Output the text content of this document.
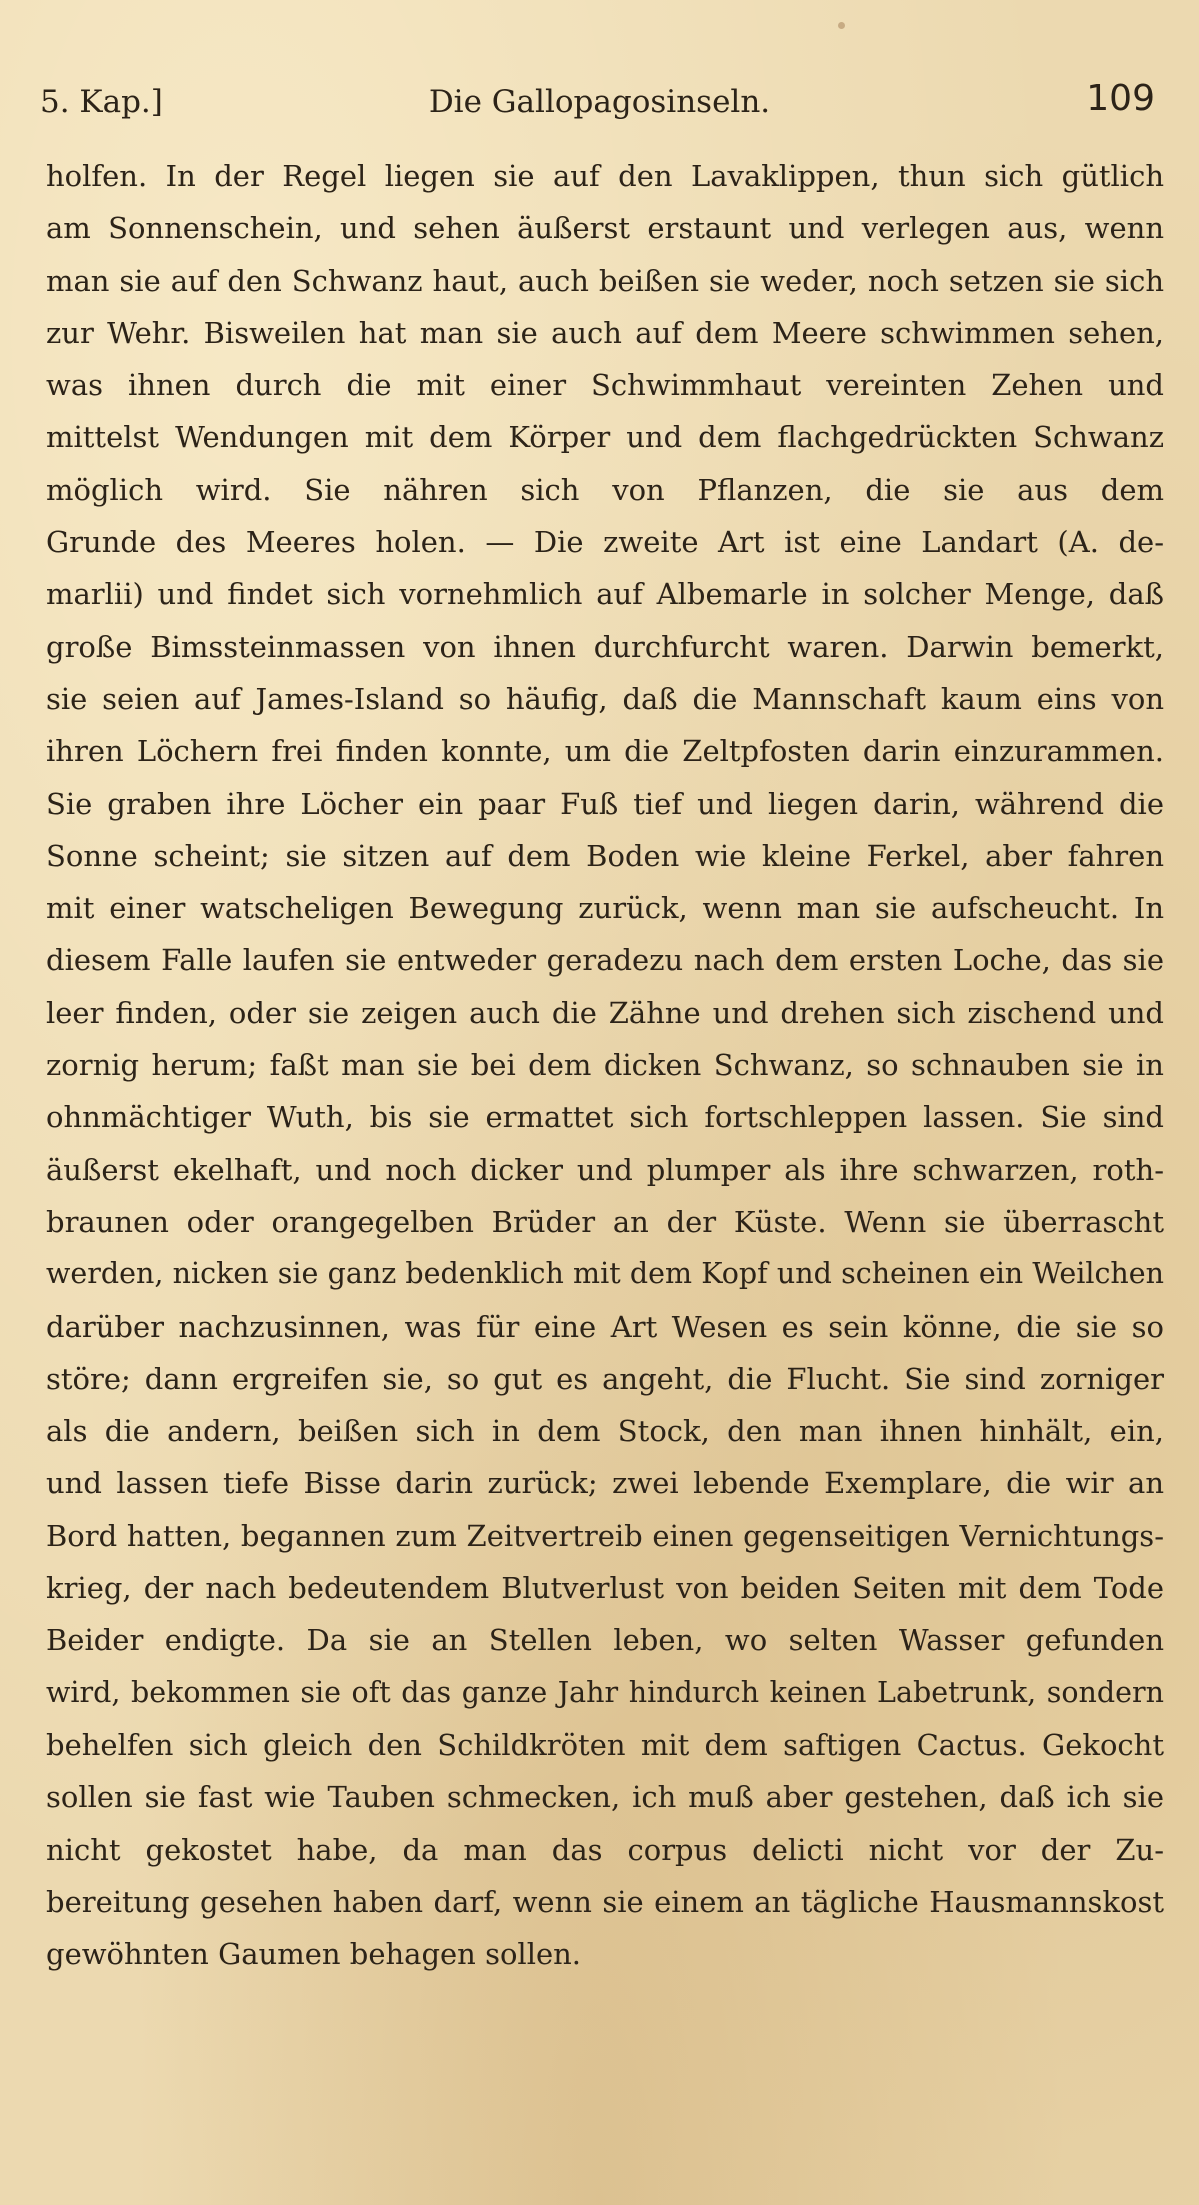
5. Kap.]	Die Gallopagosinseln.	109
holfen. In der Regel liegen sie auf den Lavaklippen, thun sich gütlich
am Sonnenschein, und sehen äußerst erstaunt und verlegen aus, wenn
man sie auf den Schwanz haut, auch beißen sie weder, noch setzen sie sich
zur Wehr. Bisweilen hat man sie auch auf dem Meere schwimmen sehen,
was ihnen durch die mit einer Schwimmhaut vereinten Zehen und
mittelst Wendungen mit dem Körper und dem flachgedrückten Schwanz
möglich wird. Sie nähren sich von Pflanzen, die sie aus dem
Grunde des Meeres holen. — Die zweite Art ist eine Landart (A. de-
marlii) und findet sich vornehmlich auf Albemarle in solcher Menge, daß
große Bimssteinmassen von ihnen durchfurcht waren. Darwin bemerkt,
sie seien auf James-Island so häufig, daß die Mannschaft kaum eins von
ihren Löchern frei finden konnte, um die Zeltpfosten darin einzurammen.
Sie graben ihre Löcher ein paar Fuß tief und liegen darin, während die
Sonne scheint; sie sitzen auf dem Boden wie kleine Ferkel, aber fahren
mit einer watscheligen Bewegung zurück, wenn man sie aufscheucht. In
diesem Falle laufen sie entweder geradezu nach dem ersten Loche, das sie
leer finden, oder sie zeigen auch die Zähne und drehen sich zischend und
zornig herum; faßt man sie bei dem dicken Schwanz, so schnauben sie in
ohnmächtiger Wuth, bis sie ermattet sich fortschleppen lassen. Sie sind
äußerst ekelhaft, und noch dicker und plumper als ihre schwarzen, roth-
braunen oder orangegelben Brüder an der Küste. Wenn sie überrascht
werden, nicken sie ganz bedenklich mit dem Kopf und scheinen ein Weilchen
darüber nachzusinnen, was für eine Art Wesen es sein könne, die sie so
störe; dann ergreifen sie, so gut es angeht, die Flucht. Sie sind zorniger
als die andern, beißen sich in dem Stock, den man ihnen hinhält, ein,
und lassen tiefe Bisse darin zurück; zwei lebende Exemplare, die wir an
Bord hatten, begannen zum Zeitvertreib einen gegenseitigen Vernichtungs-
krieg, der nach bedeutendem Blutverlust von beiden Seiten mit dem Tode
Beider endigte. Da sie an Stellen leben, wo selten Wasser gefunden
wird, bekommen sie oft das ganze Jahr hindurch keinen Labetrunk, sondern
behelfen sich gleich den Schildkröten mit dem saftigen Cactus. Gekocht
sollen sie fast wie Tauben schmecken, ich muß aber gestehen, daß ich sie
nicht gekostet habe, da man das corpus delicti nicht vor der Zu-
bereitung gesehen haben darf, wenn sie einem an tägliche Hausmannskost
gewöhnten Gaumen behagen sollen.
